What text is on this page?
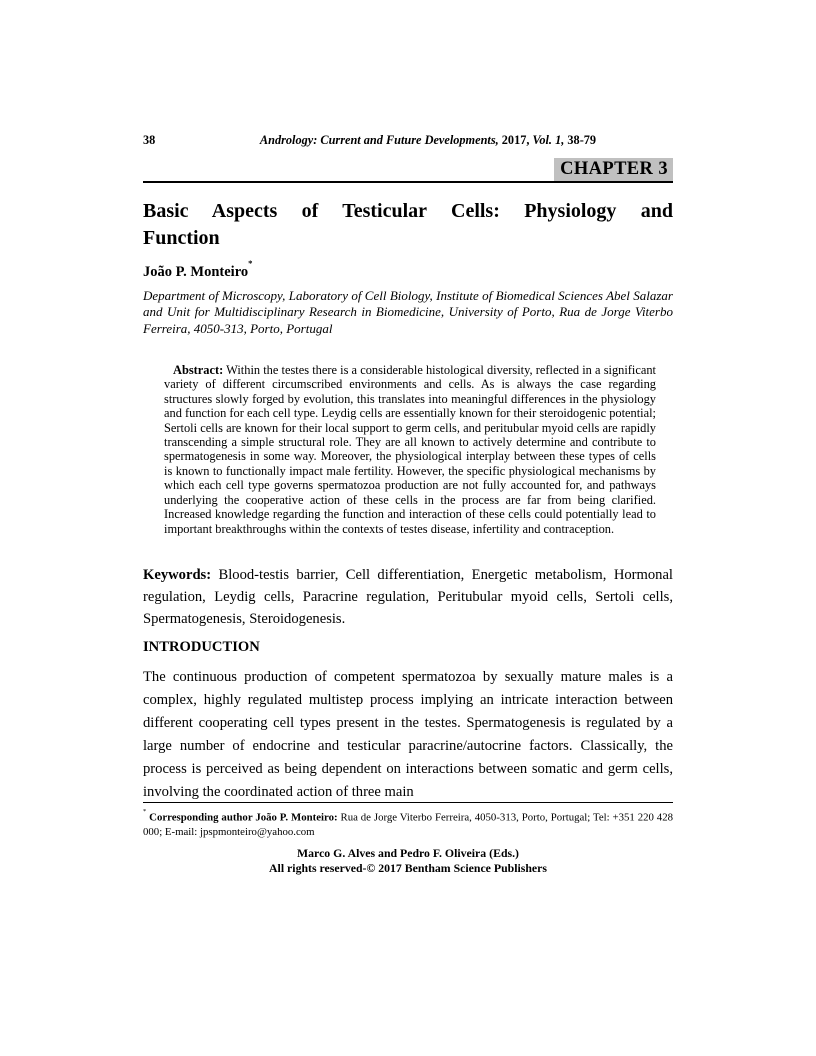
38	Andrology: Current and Future Developments, 2017, Vol. 1, 38-79
CHAPTER 3
Basic Aspects of Testicular Cells: Physiology and
Function
João P. Monteiro*
Department of Microscopy, Laboratory of Cell Biology, Institute of Biomedical Sciences Abel Salazar and Unit for Multidisciplinary Research in Biomedicine, University of Porto, Rua de Jorge Viterbo Ferreira, 4050-313, Porto, Portugal
Abstract: Within the testes there is a considerable histological diversity, reflected in a significant variety of different circumscribed environments and cells. As is always the case regarding structures slowly forged by evolution, this translates into meaningful differences in the physiology and function for each cell type. Leydig cells are essentially known for their steroidogenic potential; Sertoli cells are known for their local support to germ cells, and peritubular myoid cells are rapidly transcending a simple structural role. They are all known to actively determine and contribute to spermatogenesis in some way. Moreover, the physiological interplay between these types of cells is known to functionally impact male fertility. However, the specific physiological mechanisms by which each cell type governs spermatozoa production are not fully accounted for, and pathways underlying the cooperative action of these cells in the process are far from being clarified. Increased knowledge regarding the function and interaction of these cells could potentially lead to important breakthroughs within the contexts of testes disease, infertility and contraception.
Keywords: Blood-testis barrier, Cell differentiation, Energetic metabolism, Hormonal regulation, Leydig cells, Paracrine regulation, Peritubular myoid cells, Sertoli cells, Spermatogenesis, Steroidogenesis.
INTRODUCTION

The continuous production of competent spermatozoa by sexually mature males is a complex, highly regulated multistep process implying an intricate interaction between different cooperating cell types present in the testes. Spermatogenesis is regulated by a large number of endocrine and testicular paracrine/autocrine factors. Classically, the process is perceived as being dependent on interactions between somatic and germ cells, involving the coordinated action of three main

* Corresponding author João P. Monteiro: Rua de Jorge Viterbo Ferreira, 4050-313, Porto, Portugal; Tel: +351 220 428 000; E-mail: jpspmonteiro@yahoo.com
Marco G. Alves and Pedro F. Oliveira (Eds.)
All rights reserved-© 2017 Bentham Science Publishers
